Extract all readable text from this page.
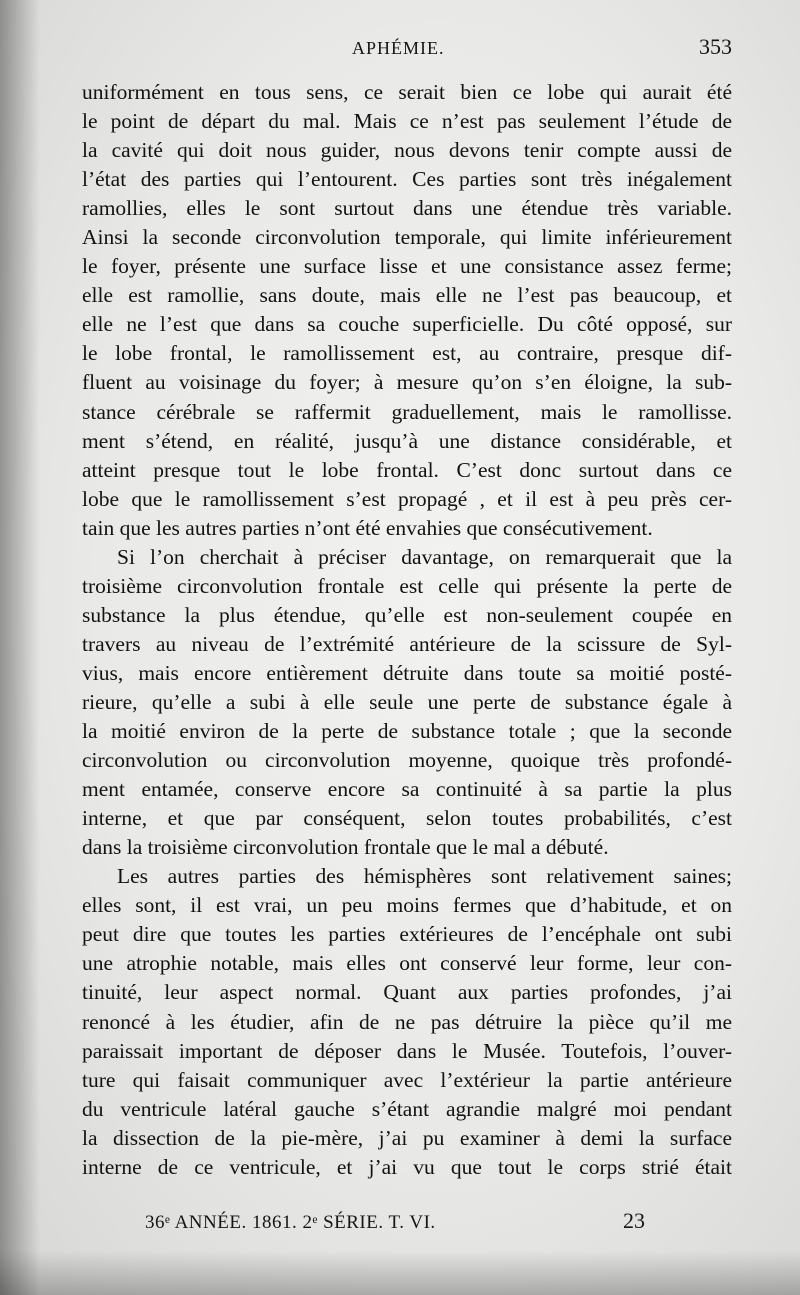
APHÉMIE.	353
uniformément en tous sens, ce serait bien ce lobe qui aurait été
le point de départ du mal. Mais ce n’est pas seulement l’étude de
la cavité qui doit nous guider, nous devons tenir compte aussi de
l’état des parties qui l’entourent. Ces parties sont très inégalement
ramollies, elles le sont surtout dans une étendue très variable.
Ainsi la seconde circonvolution temporale, qui limite inférieurement
le foyer, présente une surface lisse et une consistance assez ferme;
elle est ramollie, sans doute, mais elle ne l’est pas beaucoup, et
elle ne l’est que dans sa couche superficielle. Du côté opposé, sur
le lobe frontal, le ramollissement est, au contraire, presque dif-
fluent au voisinage du foyer; à mesure qu’on s’en éloigne, la sub-
stance cérébrale se raffermit graduellement, mais le ramollisse.
ment s’étend, en réalité, jusqu’à une distance considérable, et
atteint presque tout le lobe frontal. C’est donc surtout dans ce
lobe que le ramollissement s’est propagé , et il est à peu près cer-
tain que les autres parties n’ont été envahies que consécutivement.
Si l’on cherchait à préciser davantage, on remarquerait que la
troisième circonvolution frontale est celle qui présente la perte de
substance la plus étendue, qu’elle est non-seulement coupée en
travers au niveau de l’extrémité antérieure de la scissure de Syl-
vius, mais encore entièrement détruite dans toute sa moitié posté-
rieure, qu’elle a subi à elle seule une perte de substance égale à
la moitié environ de la perte de substance totale ; que la seconde
circonvolution ou circonvolution moyenne, quoique très profondé-
ment entamée, conserve encore sa continuité à sa partie la plus
interne, et que par conséquent, selon toutes probabilités, c’est
dans la troisième circonvolution frontale que le mal a débuté.
Les autres parties des hémisphères sont relativement saines;
elles sont, il est vrai, un peu moins fermes que d’habitude, et on
peut dire que toutes les parties extérieures de l’encéphale ont subi
une atrophie notable, mais elles ont conservé leur forme, leur con-
tinuité, leur aspect normal. Quant aux parties profondes, j’ai
renoncé à les étudier, afin de ne pas détruire la pièce qu’il me
paraissait important de déposer dans le Musée. Toutefois, l’ouver-
ture qui faisait communiquer avec l’extérieur la partie antérieure
du ventricule latéral gauche s’étant agrandie malgré moi pendant
la dissection de la pie-mère, j’ai pu examiner à demi la surface
interne de ce ventricule, et j’ai vu que tout le corps strié était
36ᵉ ANNÉE. 1861. 2ᵉ SÉRIE. T. VI.	23
